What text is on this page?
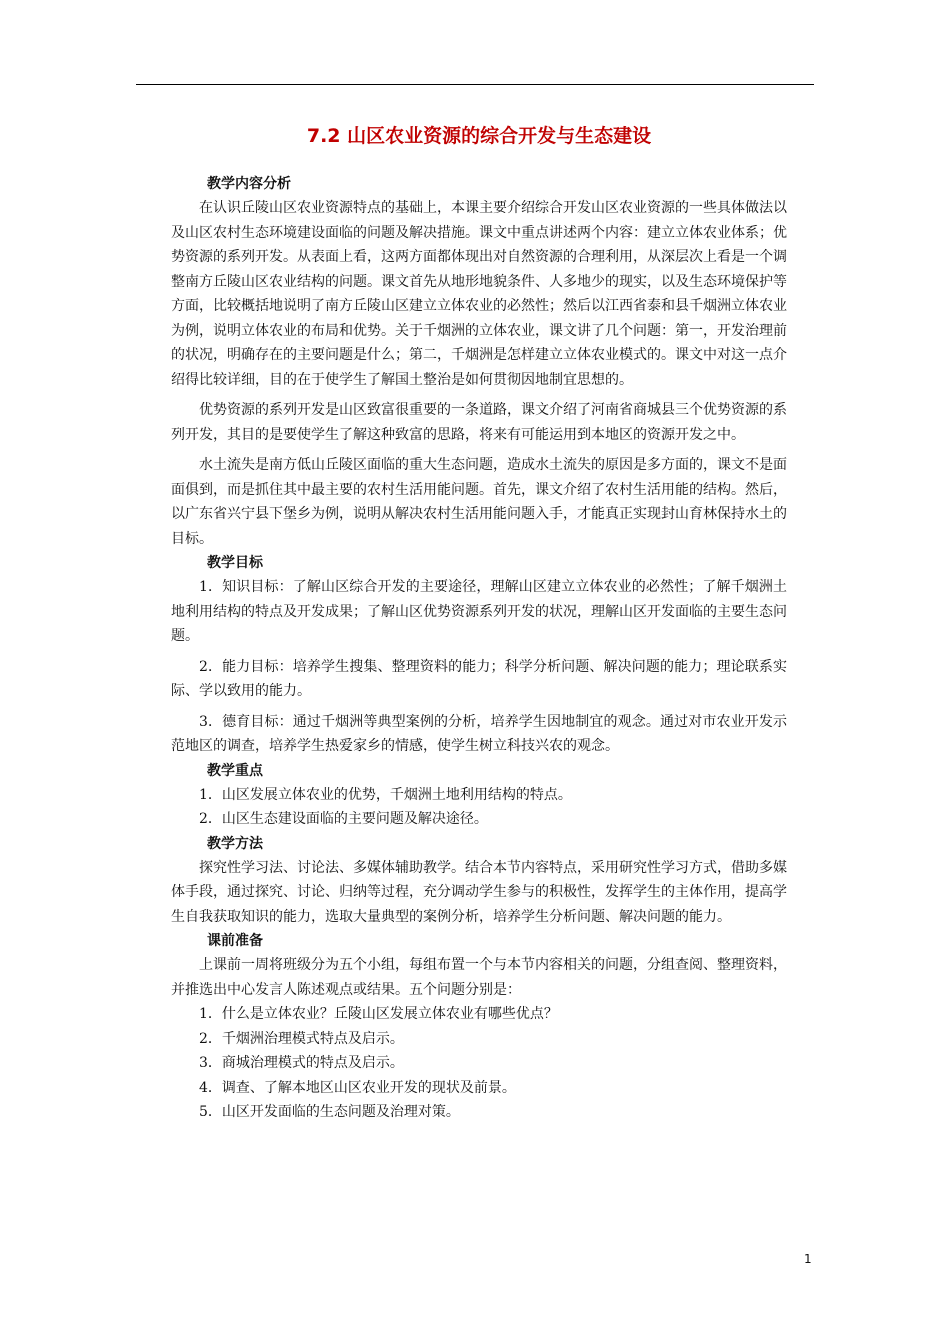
7.2 山区农业资源的综合开发与生态建设
教学内容分析

在认识丘陵山区农业资源特点的基础上，本课主要介绍综合开发山区农业资源的一些具体做法以及山区农村生态环境建设面临的问题及解决措施。课文中重点讲述两个内容：建立立体农业体系；优势资源的系列开发。从表面上看，这两方面都体现出对自然资源的合理利用，从深层次上看是一个调整南方丘陵山区农业结构的问题。课文首先从地形地貌条件、人多地少的现实，以及生态环境保护等方面，比较概括地说明了南方丘陵山区建立立体农业的必然性；然后以江西省泰和县千烟洲立体农业为例，说明立体农业的布局和优势。关于千烟洲的立体农业，课文讲了几个问题：第一，开发治理前的状况，明确存在的主要问题是什么；第二，千烟洲是怎样建立立体农业模式的。课文中对这一点介绍得比较详细，目的在于使学生了解国土整治是如何贯彻因地制宜思想的。

优势资源的系列开发是山区致富很重要的一条道路，课文介绍了河南省商城县三个优势资源的系列开发，其目的是要使学生了解这种致富的思路，将来有可能运用到本地区的资源开发之中。

水土流失是南方低山丘陵区面临的重大生态问题，造成水土流失的原因是多方面的，课文不是面面俱到，而是抓住其中最主要的农村生活用能问题。首先，课文介绍了农村生活用能的结构。然后，以广东省兴宁县下堡乡为例，说明从解决农村生活用能问题入手，才能真正实现封山育林保持水土的目标。

教学目标

1．知识目标：了解山区综合开发的主要途径，理解山区建立立体农业的必然性；了解千烟洲土地利用结构的特点及开发成果；了解山区优势资源系列开发的状况，理解山区开发面临的主要生态问题。

2．能力目标：培养学生搜集、整理资料的能力；科学分析问题、解决问题的能力；理论联系实际、学以致用的能力。

3．德育目标：通过千烟洲等典型案例的分析，培养学生因地制宜的观念。通过对市农业开发示范地区的调查，培养学生热爱家乡的情感，使学生树立科技兴农的观念。

教学重点

1．山区发展立体农业的优势，千烟洲土地利用结构的特点。

2．山区生态建设面临的主要问题及解决途径。

教学方法

探究性学习法、讨论法、多媒体辅助教学。结合本节内容特点，采用研究性学习方式，借助多媒体手段，通过探究、讨论、归纳等过程，充分调动学生参与的积极性，发挥学生的主体作用，提高学生自我获取知识的能力，选取大量典型的案例分析，培养学生分析问题、解决问题的能力。

课前准备

上课前一周将班级分为五个小组，每组布置一个与本节内容相关的问题，分组查阅、整理资料，并推选出中心发言人陈述观点或结果。五个问题分别是：

1．什么是立体农业？丘陵山区发展立体农业有哪些优点？

2．千烟洲治理模式特点及启示。

3．商城治理模式的特点及启示。

4．调查、了解本地区山区农业开发的现状及前景。

5．山区开发面临的生态问题及治理对策。

1
